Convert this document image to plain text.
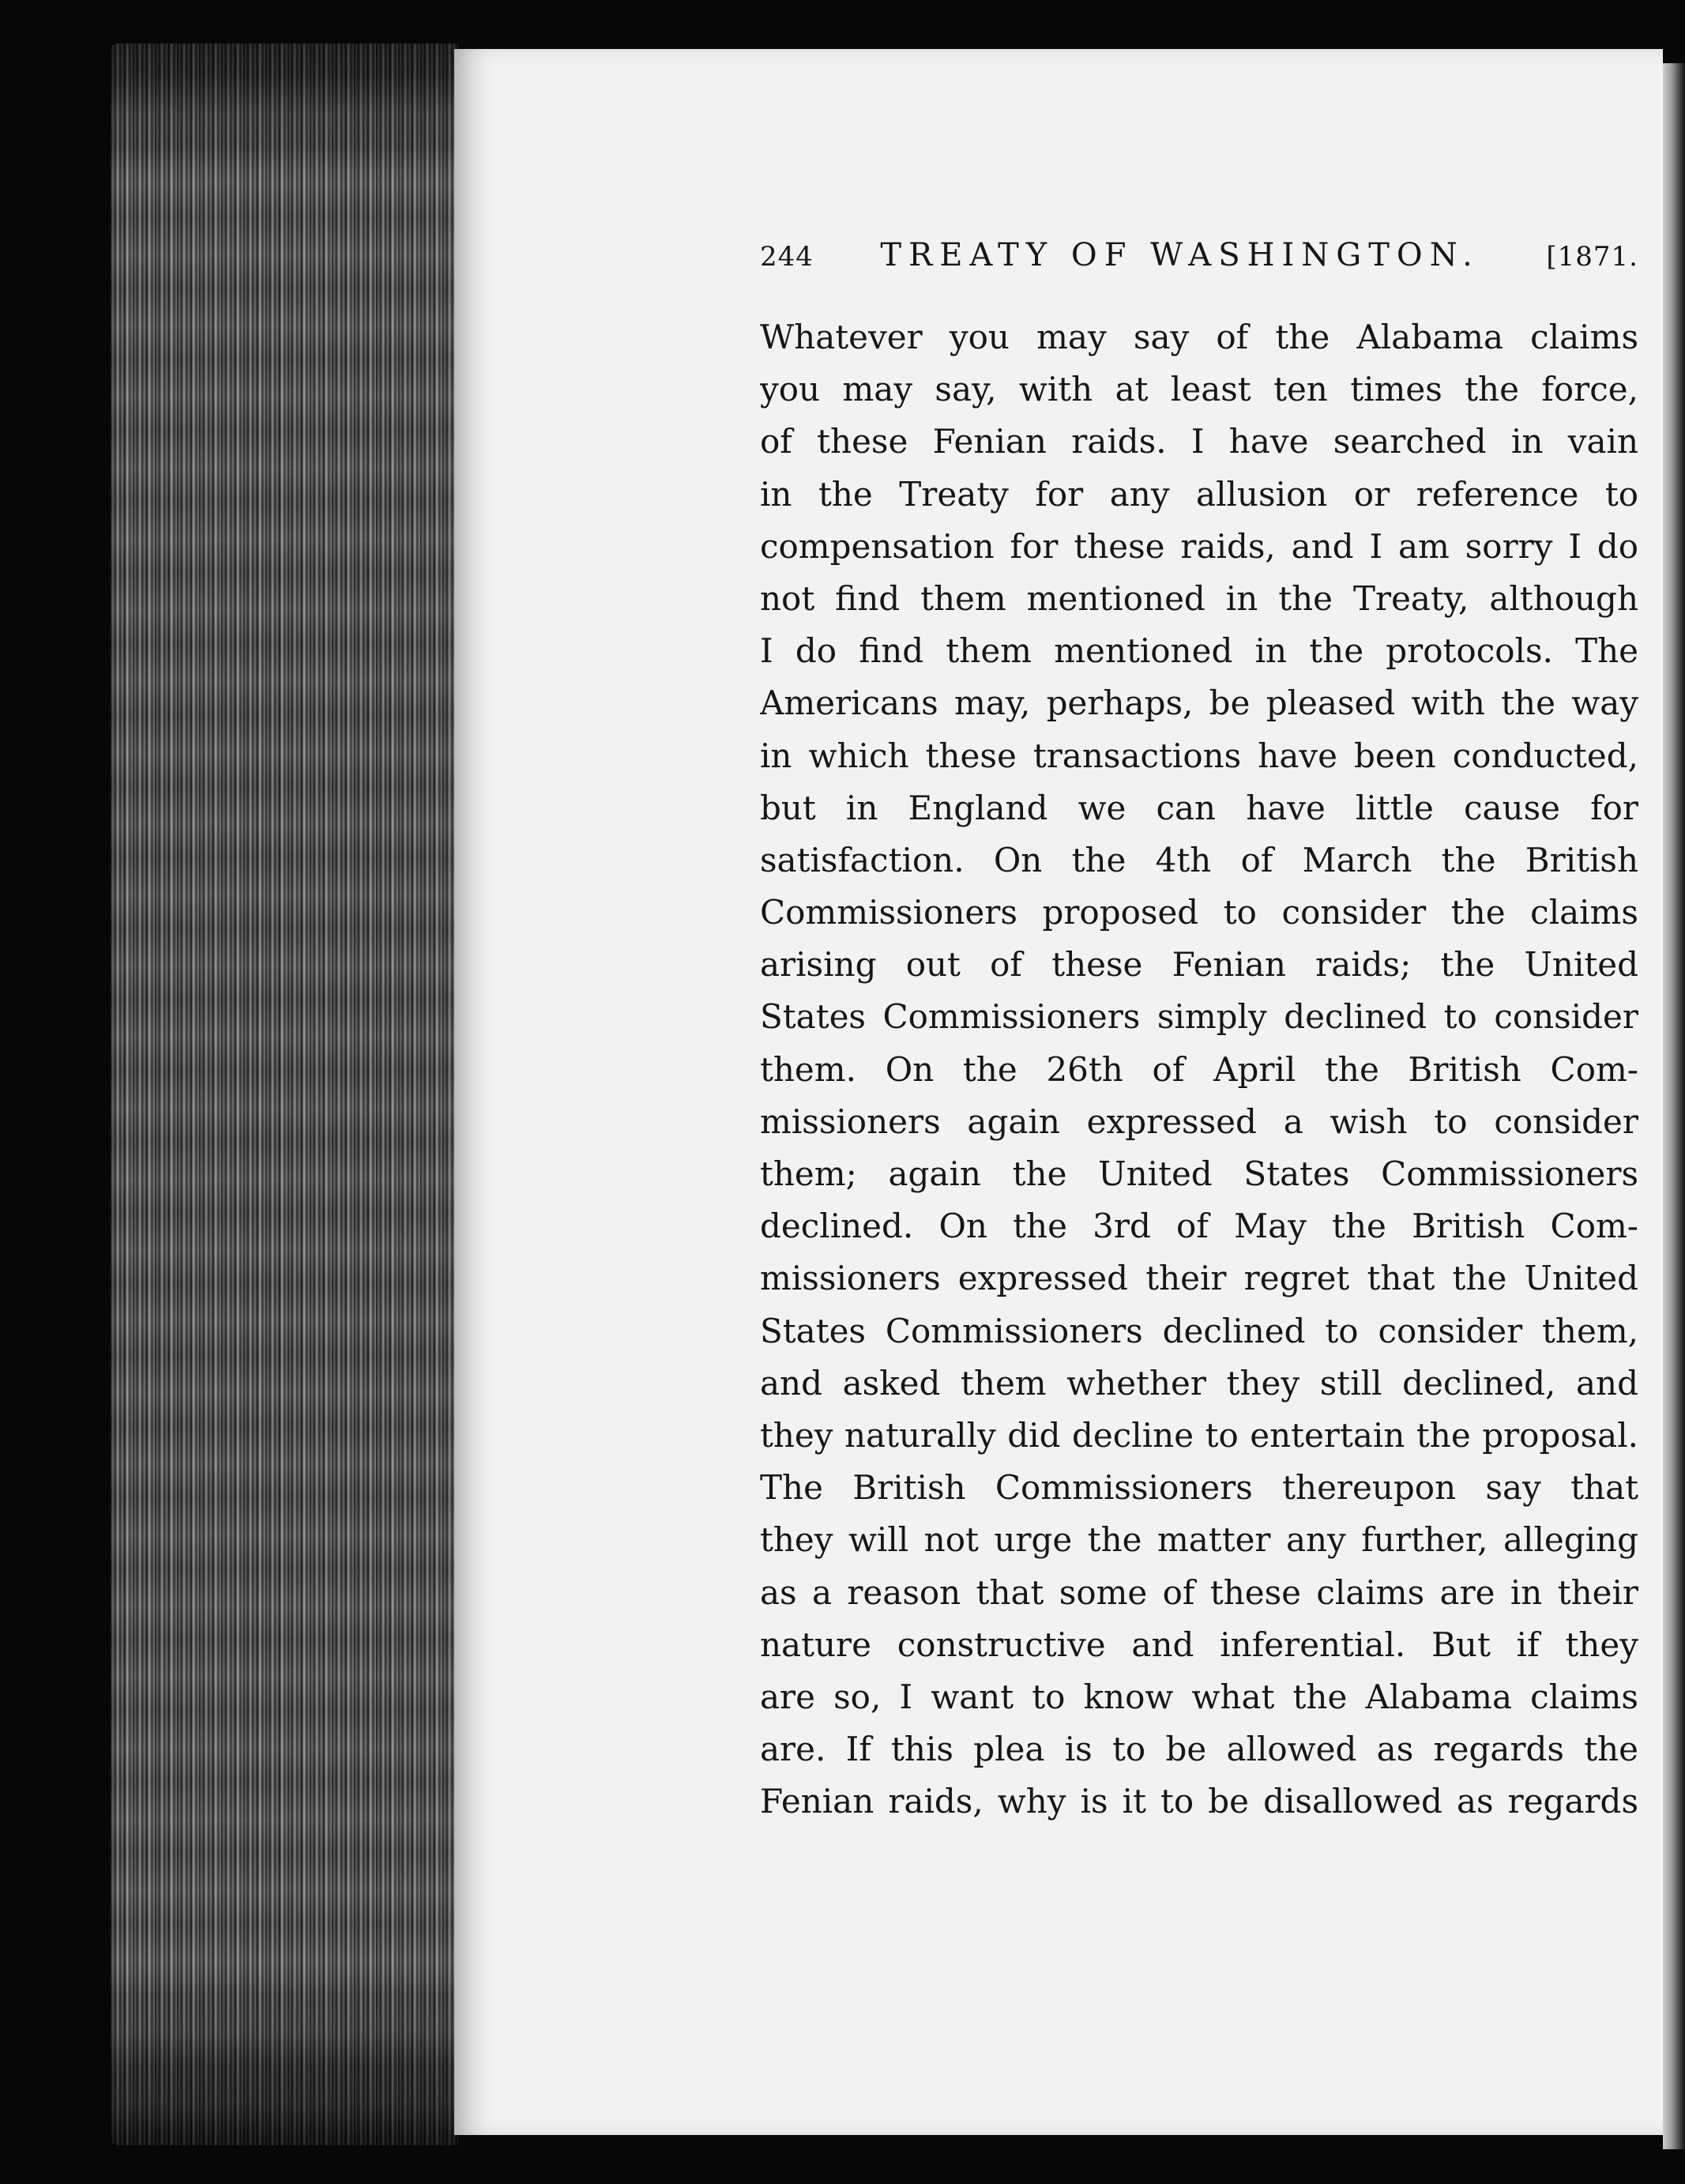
244 TREATY OF WASHINGTON. [1871.
Whatever you may say of the Alabama claims
you may say, with at least ten times the force,
of these Fenian raids. I have searched in vain
in the Treaty for any allusion or reference to
compensation for these raids, and I am sorry I do
not find them mentioned in the Treaty, although
I do find them mentioned in the protocols. The
Americans may, perhaps, be pleased with the way
in which these transactions have been conducted,
but in England we can have little cause for
satisfaction. On the 4th of March the British
Commissioners proposed to consider the claims
arising out of these Fenian raids; the United
States Commissioners simply declined to consider
them. On the 26th of April the British Com-
missioners again expressed a wish to consider
them; again the United States Commissioners
declined. On the 3rd of May the British Com-
missioners expressed their regret that the United
States Commissioners declined to consider them,
and asked them whether they still declined, and
they naturally did decline to entertain the proposal.
The British Commissioners thereupon say that
they will not urge the matter any further, alleging
as a reason that some of these claims are in their
nature constructive and inferential. But if they
are so, I want to know what the Alabama claims
are. If this plea is to be allowed as regards the
Fenian raids, why is it to be disallowed as regards
